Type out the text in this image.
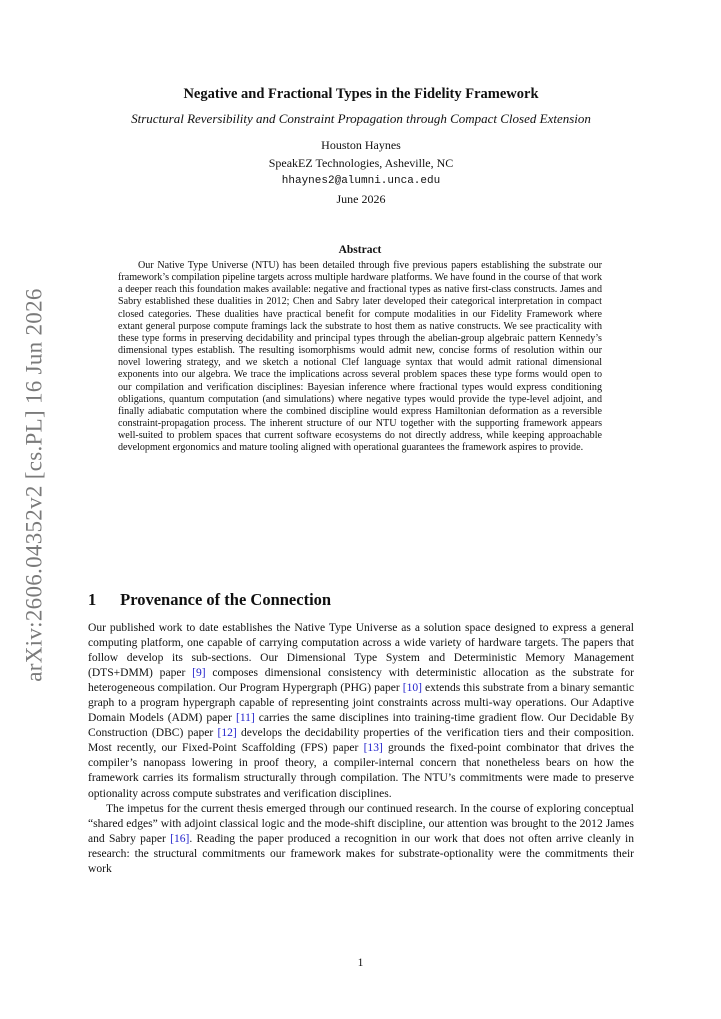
arXiv:2606.04352v2 [cs.PL] 16 Jun 2026
Negative and Fractional Types in the Fidelity Framework
Structural Reversibility and Constraint Propagation through Compact Closed Extension
Houston Haynes
SpeakEZ Technologies, Asheville, NC
hhaynes2@alumni.unca.edu
June 2026
Abstract

Our Native Type Universe (NTU) has been detailed through five previous papers establishing the substrate our framework’s compilation pipeline targets across multiple hardware platforms. We have found in the course of that work a deeper reach this foundation makes available: negative and fractional types as native first-class constructs. James and Sabry established these dualities in 2012; Chen and Sabry later developed their categorical interpretation in compact closed categories. These dualities have practical benefit for compute modalities in our Fidelity Framework where extant general purpose compute framings lack the substrate to host them as native constructs. We see practicality with these type forms in preserving decidability and principal types through the abelian-group algebraic pattern Kennedy’s dimensional types establish. The resulting isomorphisms would admit new, concise forms of resolution within our novel lowering strategy, and we sketch a notional Clef language syntax that would admit rational dimensional exponents into our algebra. We trace the implications across several problem spaces these type forms would open to our compilation and verification disciplines: Bayesian inference where fractional types would express conditioning obligations, quantum computation (and simulations) where negative types would provide the type-level adjoint, and finally adiabatic computation where the combined discipline would express Hamiltonian deformation as a reversible constraint-propagation process. The inherent structure of our NTU together with the supporting framework appears well-suited to problem spaces that current software ecosystems do not directly address, while keeping approachable development ergonomics and mature tooling aligned with operational guarantees the framework aspires to provide.

1 Provenance of the Connection

Our published work to date establishes the Native Type Universe as a solution space designed to express a general computing platform, one capable of carrying computation across a wide variety of hardware targets. The papers that follow develop its sub-sections. Our Dimensional Type System and Deterministic Memory Management (DTS+DMM) paper [9] composes dimensional consistency with deterministic allocation as the substrate for heterogeneous compilation. Our Program Hypergraph (PHG) paper [10] extends this substrate from a binary semantic graph to a program hypergraph capable of representing joint constraints across multi-way operations. Our Adaptive Domain Models (ADM) paper [11] carries the same disciplines into training-time gradient flow. Our Decidable By Construction (DBC) paper [12] develops the decidability properties of the verification tiers and their composition. Most recently, our Fixed-Point Scaffolding (FPS) paper [13] grounds the fixed-point combinator that drives the compiler’s nanopass lowering in proof theory, a compiler-internal concern that nonetheless bears on how the framework carries its formalism structurally through compilation. The NTU’s commitments were made to preserve optionality across compute substrates and verification disciplines.

The impetus for the current thesis emerged through our continued research. In the course of exploring conceptual “shared edges” with adjoint classical logic and the mode-shift discipline, our attention was brought to the 2012 James and Sabry paper [16]. Reading the paper produced a recognition in our work that does not often arrive cleanly in research: the structural commitments our framework makes for substrate-optionality were the commitments their work

1
